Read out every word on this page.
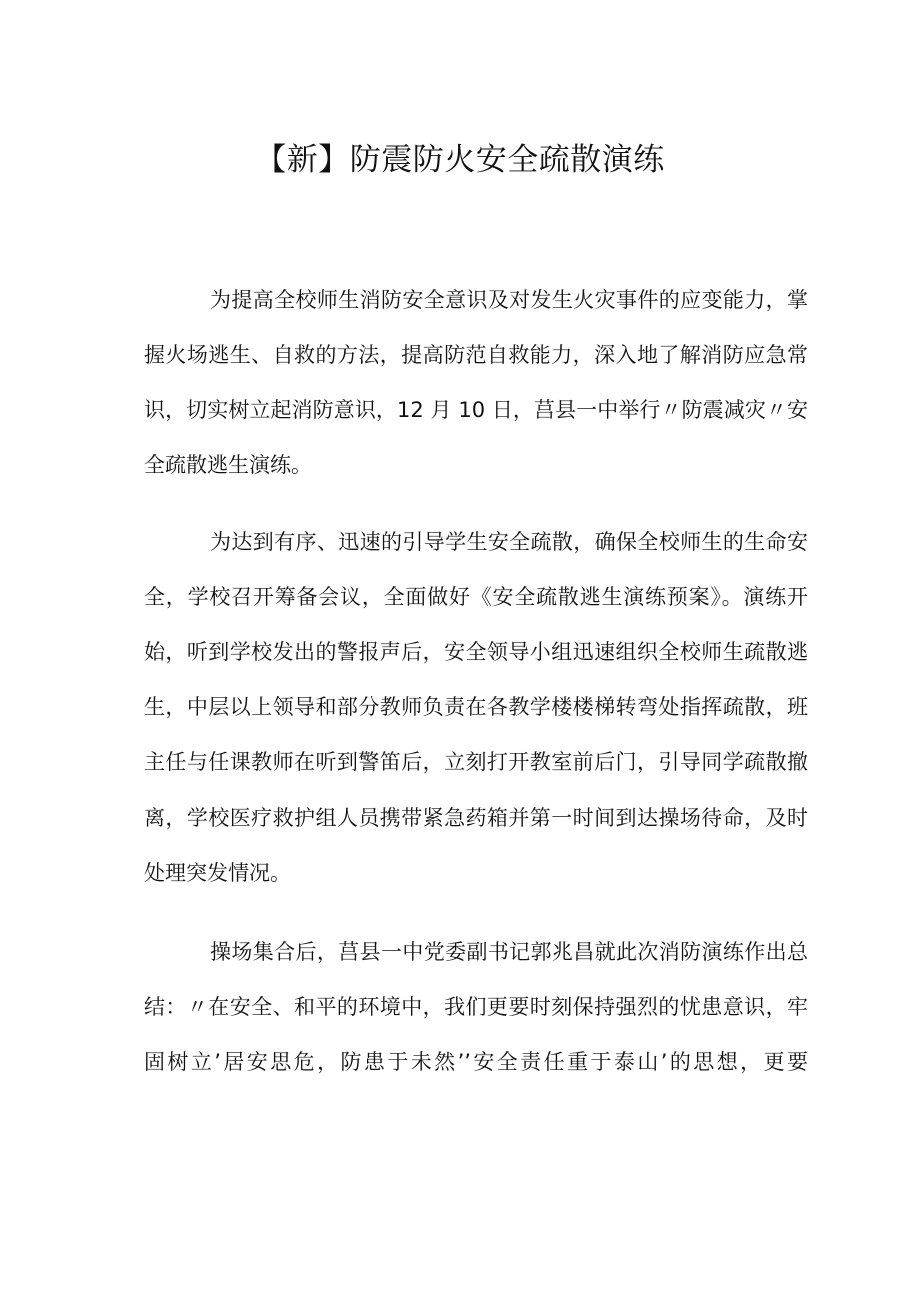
【新】防震防火安全疏散演练
为提高全校师生消防安全意识及对发生火灾事件的应变能力，掌
握火场逃生、自救的方法，提高防范自救能力，深入地了解消防应急常
识，切实树立起消防意识，12 月 10 日，莒县一中举行〃防震减灾〃安
全疏散逃生演练。
为达到有序、迅速的引导学生安全疏散，确保全校师生的生命安
全，学校召开筹备会议，全面做好《安全疏散逃生演练预案》。演练开
始，听到学校发出的警报声后，安全领导小组迅速组织全校师生疏散逃
生，中层以上领导和部分教师负责在各教学楼楼梯转弯处指挥疏散，班
主任与任课教师在听到警笛后，立刻打开教室前后门，引导同学疏散撤
离，学校医疗救护组人员携带紧急药箱并第一时间到达操场待命，及时
处理突发情况。
操场集合后，莒县一中党委副书记郭兆昌就此次消防演练作出总
结：〃在安全、和平的环境中，我们更要时刻保持强烈的忧患意识，牢
固树立’居安思危，防患于未然’’安全责任重于泰山’的思想，更要
